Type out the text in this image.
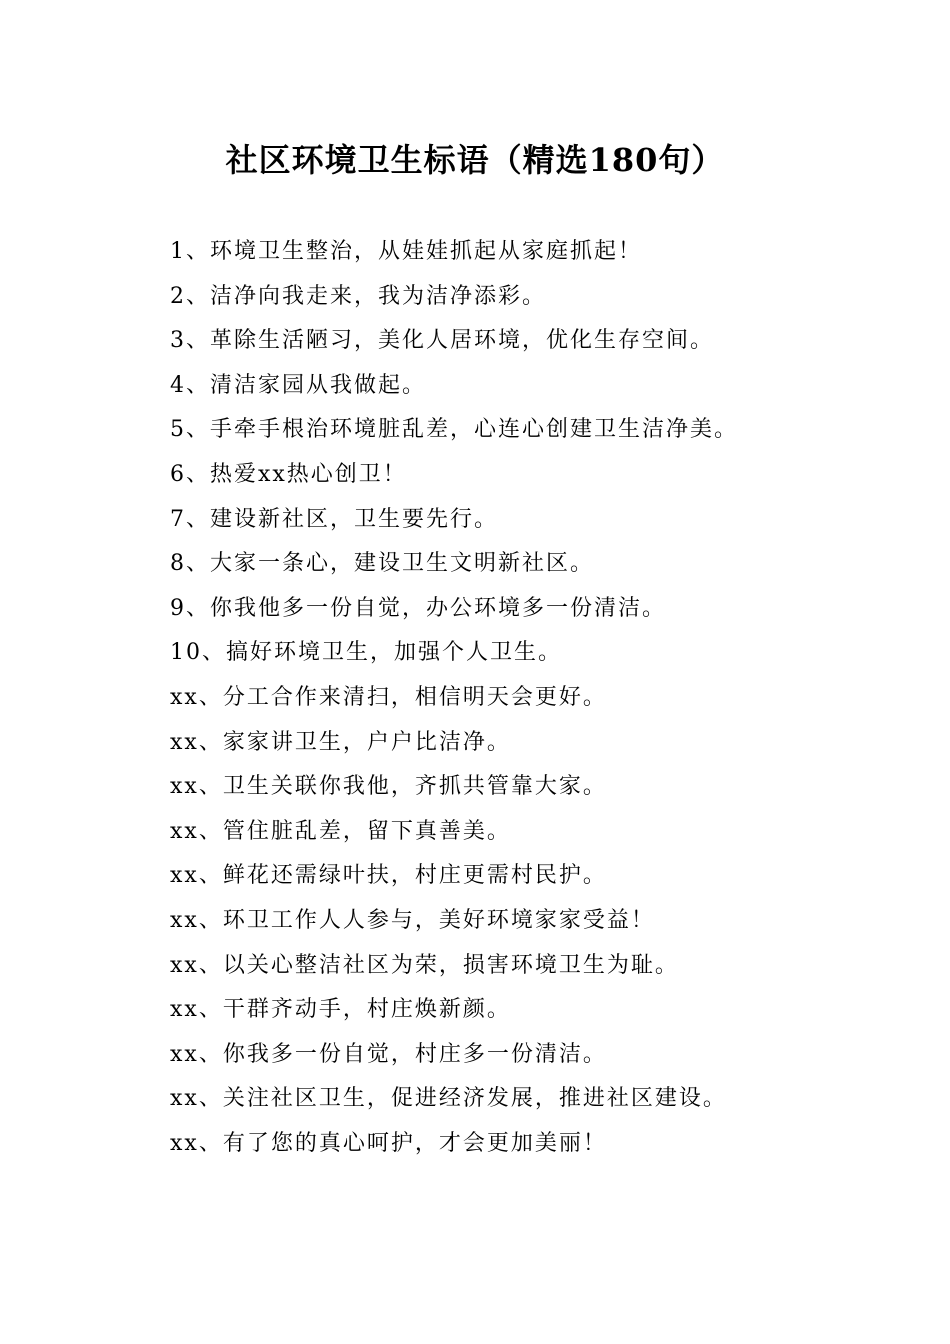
社区环境卫生标语（精选180句）
1、环境卫生整治，从娃娃抓起从家庭抓起！
2、洁净向我走来，我为洁净添彩。
3、革除生活陋习，美化人居环境，优化生存空间。
4、清洁家园从我做起。
5、手牵手根治环境脏乱差，心连心创建卫生洁净美。
6、热爱xx热心创卫！
7、建设新社区，卫生要先行。
8、大家一条心，建设卫生文明新社区。
9、你我他多一份自觉，办公环境多一份清洁。
10、搞好环境卫生，加强个人卫生。
xx、分工合作来清扫，相信明天会更好。
xx、家家讲卫生，户户比洁净。
xx、卫生关联你我他，齐抓共管靠大家。
xx、管住脏乱差，留下真善美。
xx、鲜花还需绿叶扶，村庄更需村民护。
xx、环卫工作人人参与，美好环境家家受益！
xx、以关心整洁社区为荣，损害环境卫生为耻。
xx、干群齐动手，村庄焕新颜。
xx、你我多一份自觉，村庄多一份清洁。
xx、关注社区卫生，促进经济发展，推进社区建设。
xx、有了您的真心呵护，才会更加美丽！
